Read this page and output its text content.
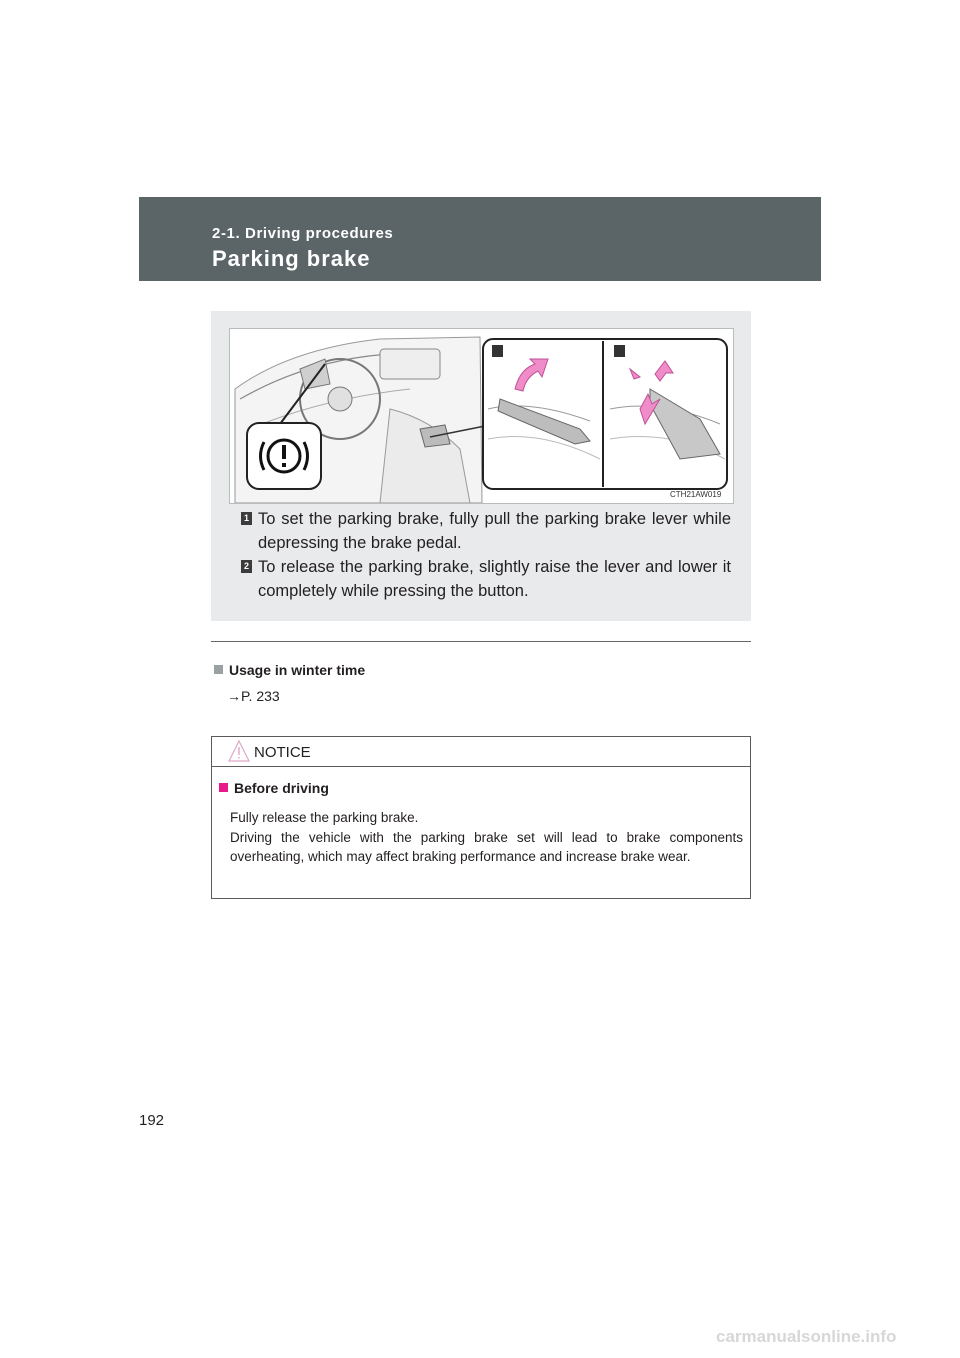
2-1. Driving procedures
Parking brake
CTH21AW019
1 To set the parking brake, fully pull the parking brake lever while depressing the brake pedal.
2 To release the parking brake, slightly raise the lever and lower it completely while pressing the button.
Usage in winter time
→P. 233
NOTICE
Before driving

Fully release the parking brake.

Driving the vehicle with the parking brake set will lead to brake components overheating, which may affect braking performance and increase brake wear.

192
carmanualsonline.info
